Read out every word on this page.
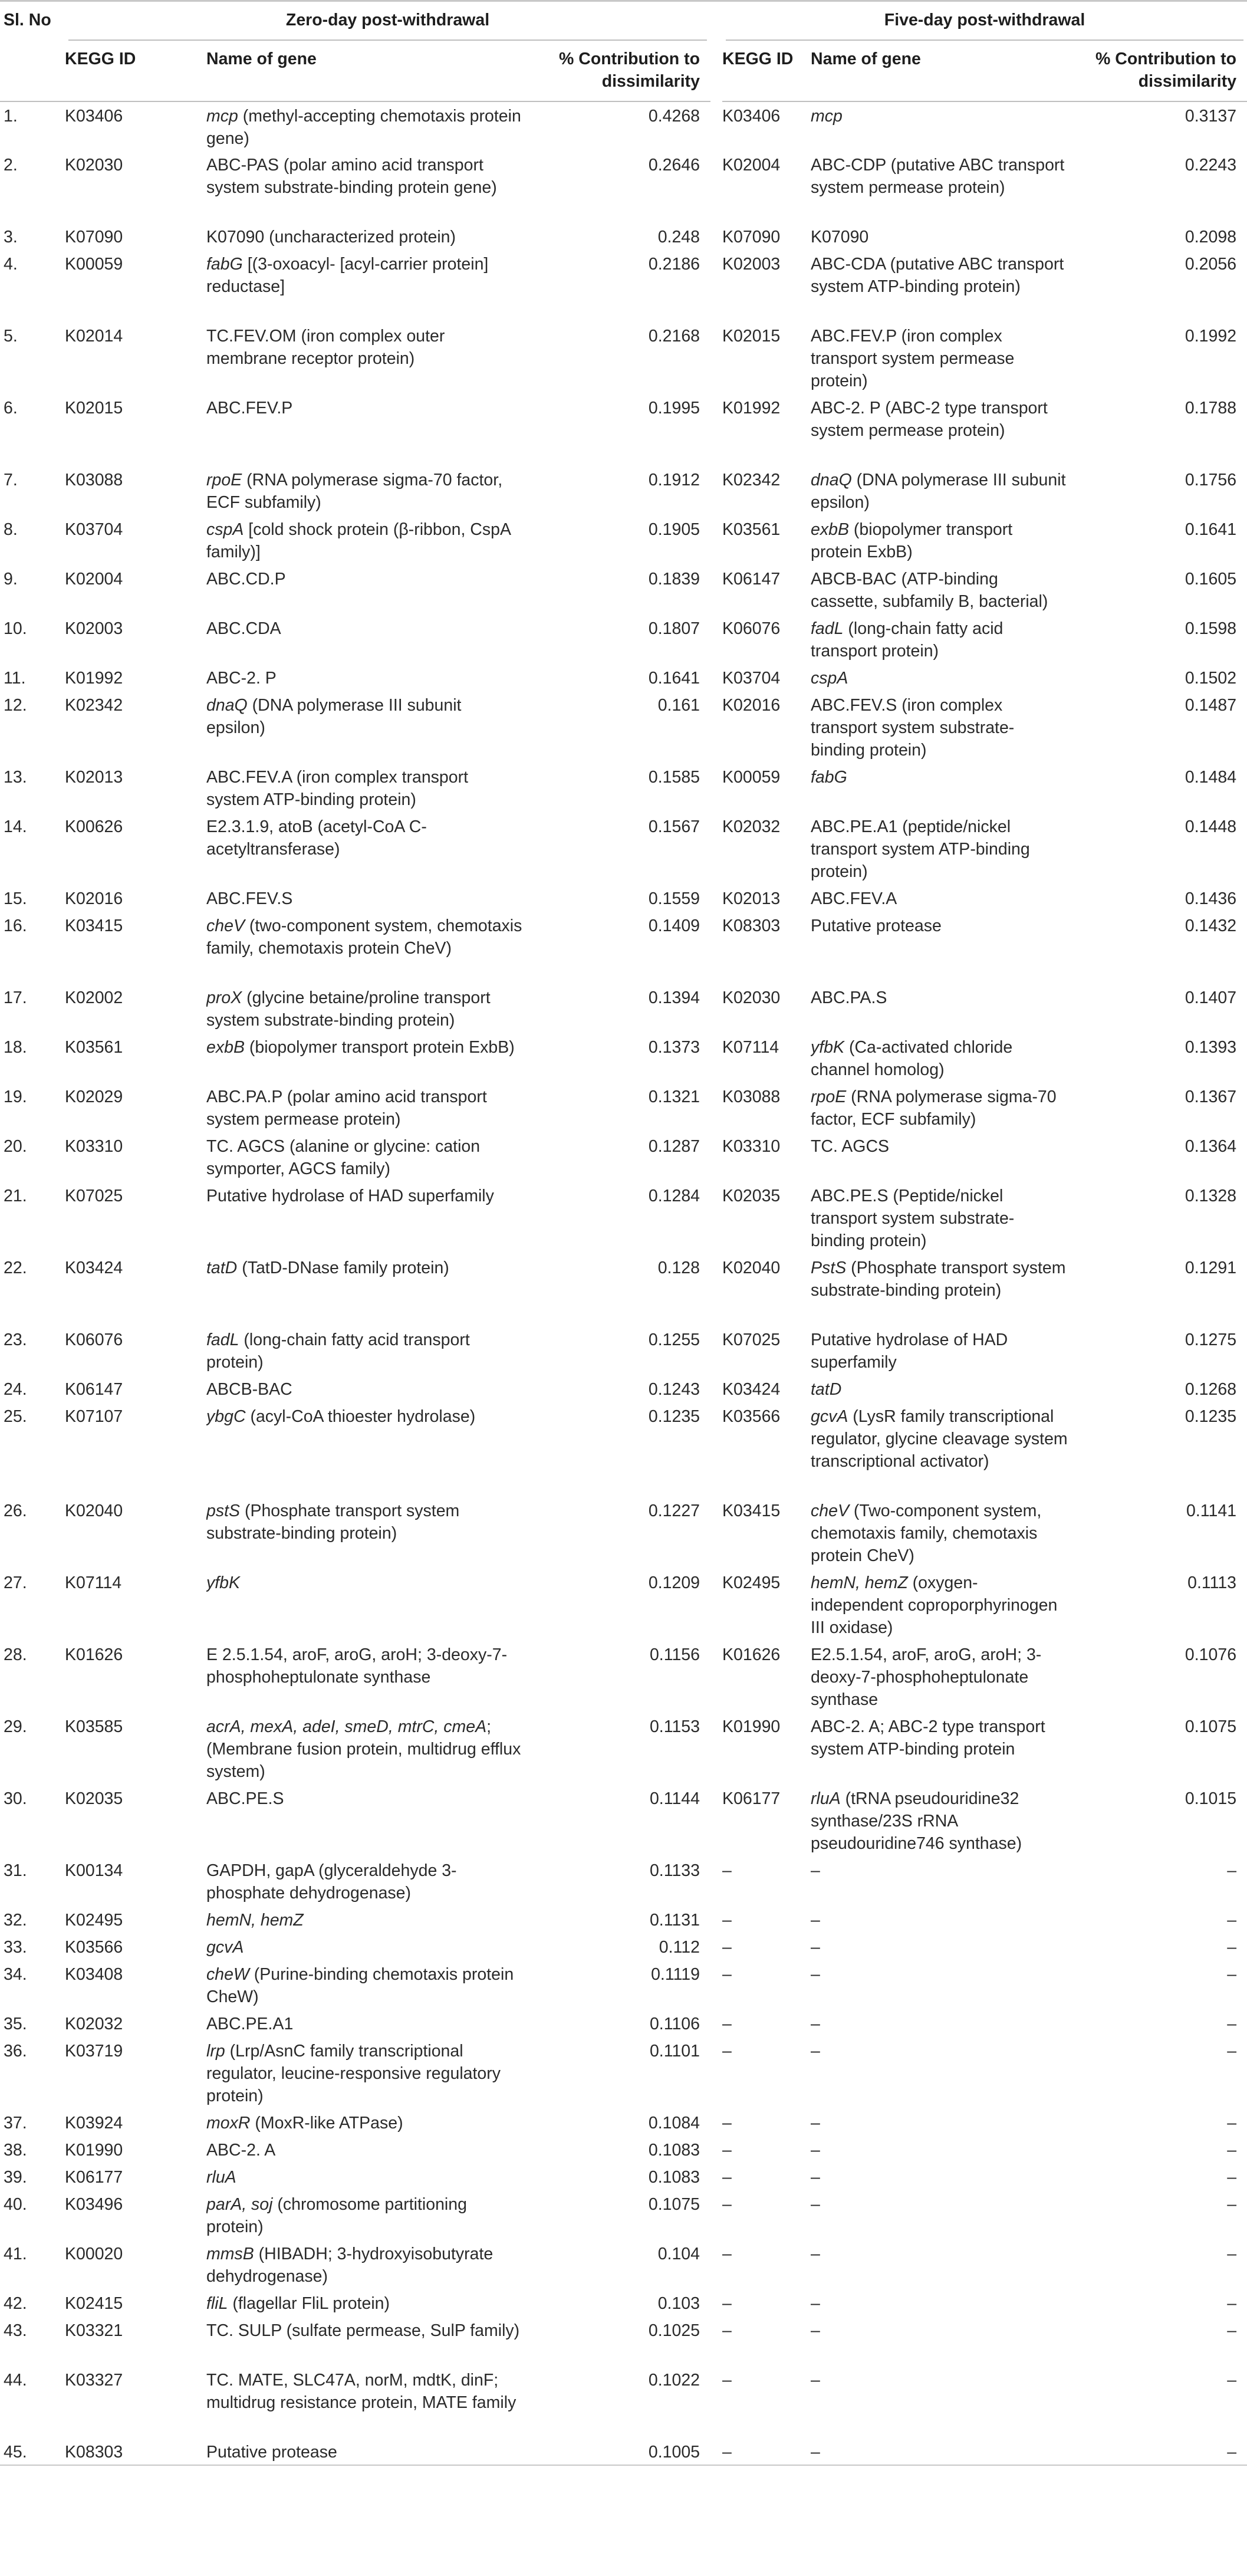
Sl. No	Zero-day post-withdrawal				Five-day post-withdrawal		

	KEGG ID	Name of gene	% Contribution to dissimilarity		KEGG ID	Name of gene	% Contribution to dissimilarity
1.	K03406	mcp (methyl-accepting chemotaxis protein gene)	0.4268		K03406	mcp	0.3137
2.	K02030	ABC-PAS (polar amino acid transport system substrate-binding protein gene)	0.2646		K02004	ABC-CDP (putative ABC transport system permease protein)	0.2243
3.	K07090	K07090 (uncharacterized protein)	0.248		K07090	K07090	0.2098
4.	K00059	fabG [(3-oxoacyl- [acyl-carrier protein] reductase]	0.2186		K02003	ABC-CDA (putative ABC transport system ATP-binding protein)	0.2056
5.	K02014	TC.FEV.OM (iron complex outer membrane receptor protein)	0.2168		K02015	ABC.FEV.P (iron complex transport system permease protein)	0.1992
6.	K02015	ABC.FEV.P	0.1995		K01992	ABC-2. P (ABC-2 type transport system permease protein)	0.1788
7.	K03088	rpoE (RNA polymerase sigma-70 factor, ECF subfamily)	0.1912		K02342	dnaQ (DNA polymerase III subunit epsilon)	0.1756
8.	K03704	cspA [cold shock protein (β-ribbon, CspA family)]	0.1905		K03561	exbB (biopolymer transport protein ExbB)	0.1641
9.	K02004	ABC.CD.P	0.1839		K06147	ABCB-BAC (ATP-binding cassette, subfamily B, bacterial)	0.1605
10.	K02003	ABC.CDA	0.1807		K06076	fadL (long-chain fatty acid transport protein)	0.1598
11.	K01992	ABC-2. P	0.1641		K03704	cspA	0.1502
12.	K02342	dnaQ (DNA polymerase III subunit epsilon)	0.161		K02016	ABC.FEV.S (iron complex transport system substrate-binding protein)	0.1487
13.	K02013	ABC.FEV.A (iron complex transport system ATP-binding protein)	0.1585		K00059	fabG	0.1484
14.	K00626	E2.3.1.9, atoB (acetyl-CoA C-acetyltransferase)	0.1567		K02032	ABC.PE.A1 (peptide/nickel transport system ATP-binding protein)	0.1448
15.	K02016	ABC.FEV.S	0.1559		K02013	ABC.FEV.A	0.1436
16.	K03415	cheV (two-component system, chemotaxis family, chemotaxis protein CheV)	0.1409		K08303	Putative protease	0.1432
17.	K02002	proX (glycine betaine/proline transport system substrate-binding protein)	0.1394		K02030	ABC.PA.S	0.1407
18.	K03561	exbB (biopolymer transport protein ExbB)	0.1373		K07114	yfbK (Ca-activated chloride channel homolog)	0.1393
19.	K02029	ABC.PA.P (polar amino acid transport system permease protein)	0.1321		K03088	rpoE (RNA polymerase sigma-70 factor, ECF subfamily)	0.1367
20.	K03310	TC. AGCS (alanine or glycine: cation symporter, AGCS family)	0.1287		K03310	TC. AGCS	0.1364
21.	K07025	Putative hydrolase of HAD superfamily	0.1284		K02035	ABC.PE.S (Peptide/nickel transport system substrate-binding protein)	0.1328
22.	K03424	tatD (TatD-DNase family protein)	0.128		K02040	PstS (Phosphate transport system substrate-binding protein)	0.1291
23.	K06076	fadL (long-chain fatty acid transport protein)	0.1255		K07025	Putative hydrolase of HAD superfamily	0.1275
24.	K06147	ABCB-BAC	0.1243		K03424	tatD	0.1268
25.	K07107	ybgC (acyl-CoA thioester hydrolase)	0.1235		K03566	gcvA (LysR family transcriptional regulator, glycine cleavage system transcriptional activator)	0.1235
26.	K02040	pstS (Phosphate transport system substrate-binding protein)	0.1227		K03415	cheV (Two-component system, chemotaxis family, chemotaxis protein CheV)	0.1141
27.	K07114	yfbK	0.1209		K02495	hemN, hemZ (oxygen-independent coproporphyrinogen III oxidase)	0.1113
28.	K01626	E 2.5.1.54, aroF, aroG, aroH; 3-deoxy-7-phosphoheptulonate synthase	0.1156		K01626	E2.5.1.54, aroF, aroG, aroH; 3-deoxy-7-phosphoheptulonate synthase	0.1076
29.	K03585	acrA, mexA, adeI, smeD, mtrC, cmeA; (Membrane fusion protein, multidrug efflux system)	0.1153		K01990	ABC-2. A; ABC-2 type transport system ATP-binding protein	0.1075
30.	K02035	ABC.PE.S	0.1144		K06177	rluA (tRNA pseudouridine32 synthase/23S rRNA pseudouridine746 synthase)	0.1015
31.	K00134	GAPDH, gapA (glyceraldehyde 3-phosphate dehydrogenase)	0.1133		–	–	–
32.	K02495	hemN, hemZ	0.1131		–	–	–
33.	K03566	gcvA	0.112		–	–	–
34.	K03408	cheW (Purine-binding chemotaxis protein CheW)	0.1119		–	–	–
35.	K02032	ABC.PE.A1	0.1106		–	–	–
36.	K03719	lrp (Lrp/AsnC family transcriptional regulator, leucine-responsive regulatory protein)	0.1101		–	–	–
37.	K03924	moxR (MoxR-like ATPase)	0.1084		–	–	–
38.	K01990	ABC-2. A	0.1083		–	–	–
39.	K06177	rluA	0.1083		–	–	–
40.	K03496	parA, soj (chromosome partitioning protein)	0.1075		–	–	–
41.	K00020	mmsB (HIBADH; 3-hydroxyisobutyrate dehydrogenase)	0.104		–	–	–
42.	K02415	fliL (flagellar FliL protein)	0.103		–	–	–
43.	K03321	TC. SULP (sulfate permease, SulP family)	0.1025		–	–	–
44.	K03327	TC. MATE, SLC47A, norM, mdtK, dinF; multidrug resistance protein, MATE family	0.1022		–	–	–
45.	K08303	Putative protease	0.1005		–	–	–
